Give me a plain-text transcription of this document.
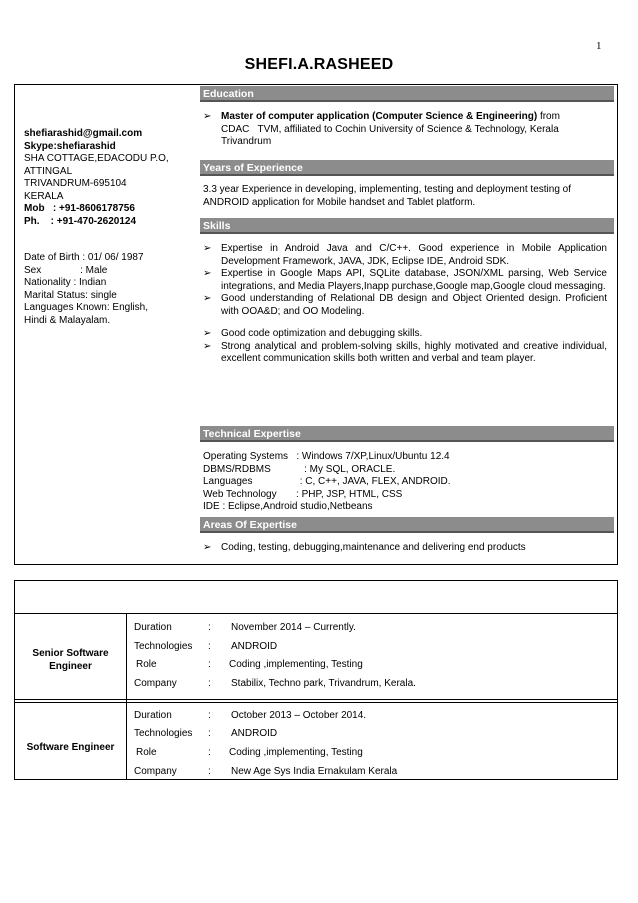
1
SHEFI.A.RASHEED
shefiarashid@gmail.com
Skype:shefiarashid
SHA COTTAGE,EDACODU P.O,
ATTINGAL
TRIVANDRUM-695104
KERALA
Mob   : +91-8606178756
Ph.    : +91-470-2620124
Date of Birth : 01/ 06/ 1987
Sex              : Male
Nationality : Indian
Marital Status: single
Languages Known: English,
Hindi & Malayalam.
Education
➢ Master of computer application (Computer Science & Engineering) from
CDAC   TVM, affiliated to Cochin University of Science & Technology, Kerala
Trivandrum
Years of Experience
3.3 year Experience in developing, implementing, testing and deployment testing of ANDROID application for Mobile handset and Tablet platform.
Skills
➢ Expertise in Android Java and C/C++. Good experience in Mobile Application Development Framework, JAVA, JDK, Eclipse IDE, Android SDK.
➢ Expertise in Google Maps API, SQLite database, JSON/XML parsing, Web Service integrations, and Media Players,Inapp purchase,Google map,Google cloud messaging.
➢ Good understanding of Relational DB design and Object Oriented design. Proficient with OOA&D; and OO Modeling.
➢ Good code optimization and debugging skills.
➢ Strong analytical and problem-solving skills, highly motivated and creative individual, excellent communication skills both written and verbal and team player.
Technical Expertise
Operating Systems   : Windows 7/XP,Linux/Ubuntu 12.4
DBMS/RDBMS            : My SQL, ORACLE.
Languages                 : C, C++, JAVA, FLEX, ANDROID.
Web Technology       : PHP, JSP, HTML, CSS
IDE : Eclipse,Android studio,Netbeans
Areas Of Expertise
➢ Coding, testing, debugging,maintenance and delivering end products
Senior Software
Engineer
Duration	: November 2014 – Currently.
Technologies : ANDROID
Role	: Coding ,implementing, Testing
Company	: Stabilix, Techno park, Trivandrum, Kerala.
Software Engineer
Duration	: October 2013 – October 2014.
Technologies : ANDROID
Role	: Coding ,implementing, Testing
Company	: New Age Sys India Ernakulam Kerala
